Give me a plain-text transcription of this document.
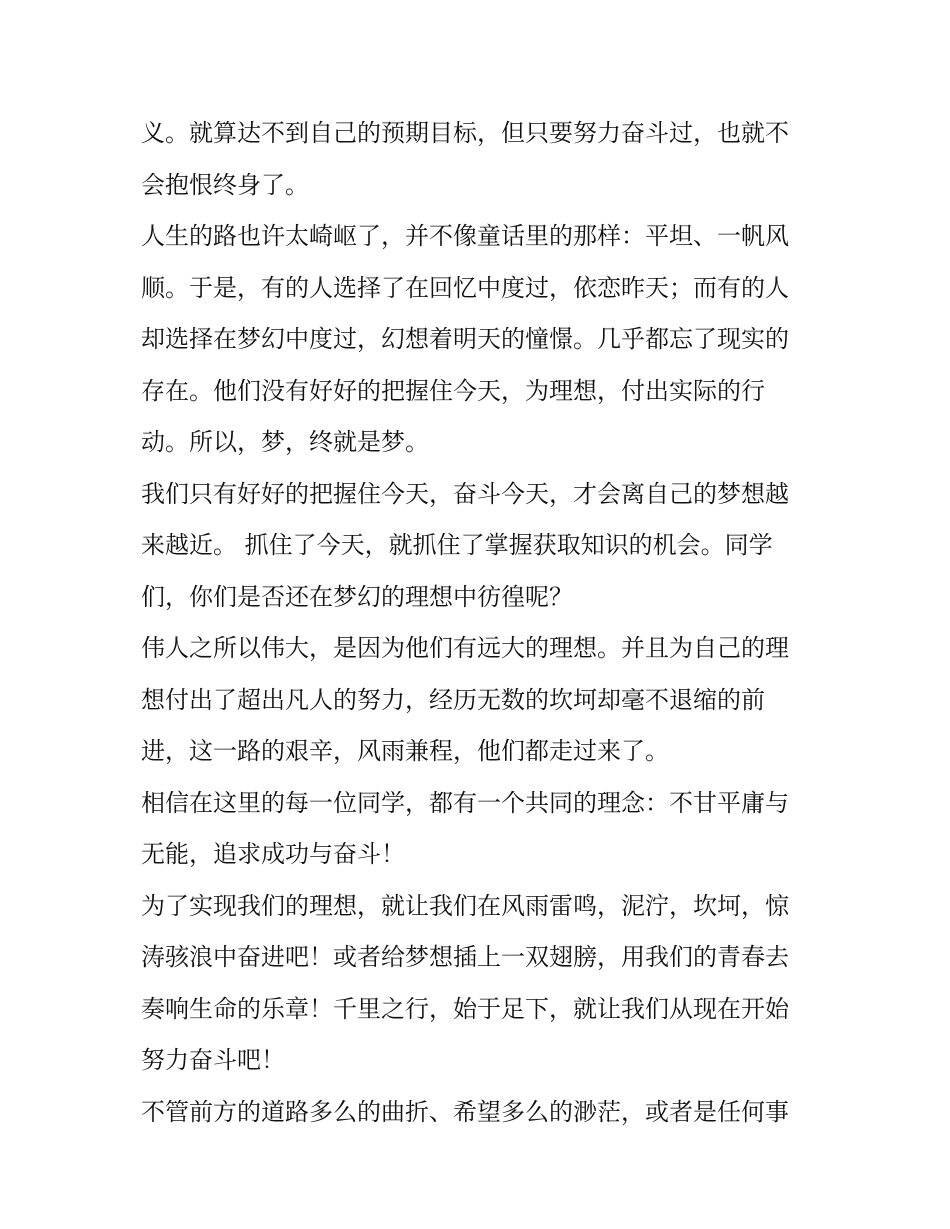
义。就算达不到自己的预期目标，但只要努力奋斗过，也就不
会抱恨终身了。
人生的路也许太崎岖了，并不像童话里的那样：平坦、一帆风
顺。于是，有的人选择了在回忆中度过，依恋昨天；而有的人
却选择在梦幻中度过，幻想着明天的憧憬。几乎都忘了现实的
存在。他们没有好好的把握住今天，为理想，付出实际的行
动。所以，梦，终就是梦。
我们只有好好的把握住今天，奋斗今天，才会离自己的梦想越
来越近。 抓住了今天，就抓住了掌握获取知识的机会。同学
们，你们是否还在梦幻的理想中彷徨呢？
伟人之所以伟大，是因为他们有远大的理想。并且为自己的理
想付出了超出凡人的努力，经历无数的坎坷却毫不退缩的前
进，这一路的艰辛，风雨兼程，他们都走过来了。
相信在这里的每一位同学，都有一个共同的理念：不甘平庸与
无能，追求成功与奋斗！
为了实现我们的理想，就让我们在风雨雷鸣，泥泞，坎坷，惊
涛骇浪中奋进吧！或者给梦想插上一双翅膀，用我们的青春去
奏响生命的乐章！千里之行，始于足下，就让我们从现在开始
努力奋斗吧！
不管前方的道路多么的曲折、希望多么的渺茫，或者是任何事
